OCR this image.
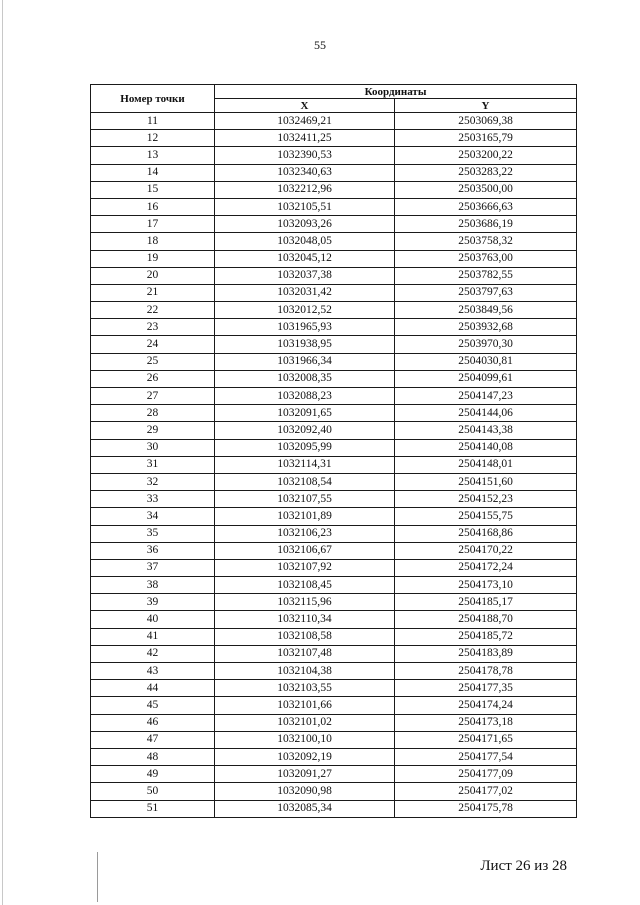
55
Номер точки	Координаты	
	X	Y
11	1032469,21	2503069,38
12	1032411,25	2503165,79
13	1032390,53	2503200,22
14	1032340,63	2503283,22
15	1032212,96	2503500,00
16	1032105,51	2503666,63
17	1032093,26	2503686,19
18	1032048,05	2503758,32
19	1032045,12	2503763,00
20	1032037,38	2503782,55
21	1032031,42	2503797,63
22	1032012,52	2503849,56
23	1031965,93	2503932,68
24	1031938,95	2503970,30
25	1031966,34	2504030,81
26	1032008,35	2504099,61
27	1032088,23	2504147,23
28	1032091,65	2504144,06
29	1032092,40	2504143,38
30	1032095,99	2504140,08
31	1032114,31	2504148,01
32	1032108,54	2504151,60
33	1032107,55	2504152,23
34	1032101,89	2504155,75
35	1032106,23	2504168,86
36	1032106,67	2504170,22
37	1032107,92	2504172,24
38	1032108,45	2504173,10
39	1032115,96	2504185,17
40	1032110,34	2504188,70
41	1032108,58	2504185,72
42	1032107,48	2504183,89
43	1032104,38	2504178,78
44	1032103,55	2504177,35
45	1032101,66	2504174,24
46	1032101,02	2504173,18
47	1032100,10	2504171,65
48	1032092,19	2504177,54
49	1032091,27	2504177,09
50	1032090,98	2504177,02
51	1032085,34	2504175,78
Лист 26 из 28
